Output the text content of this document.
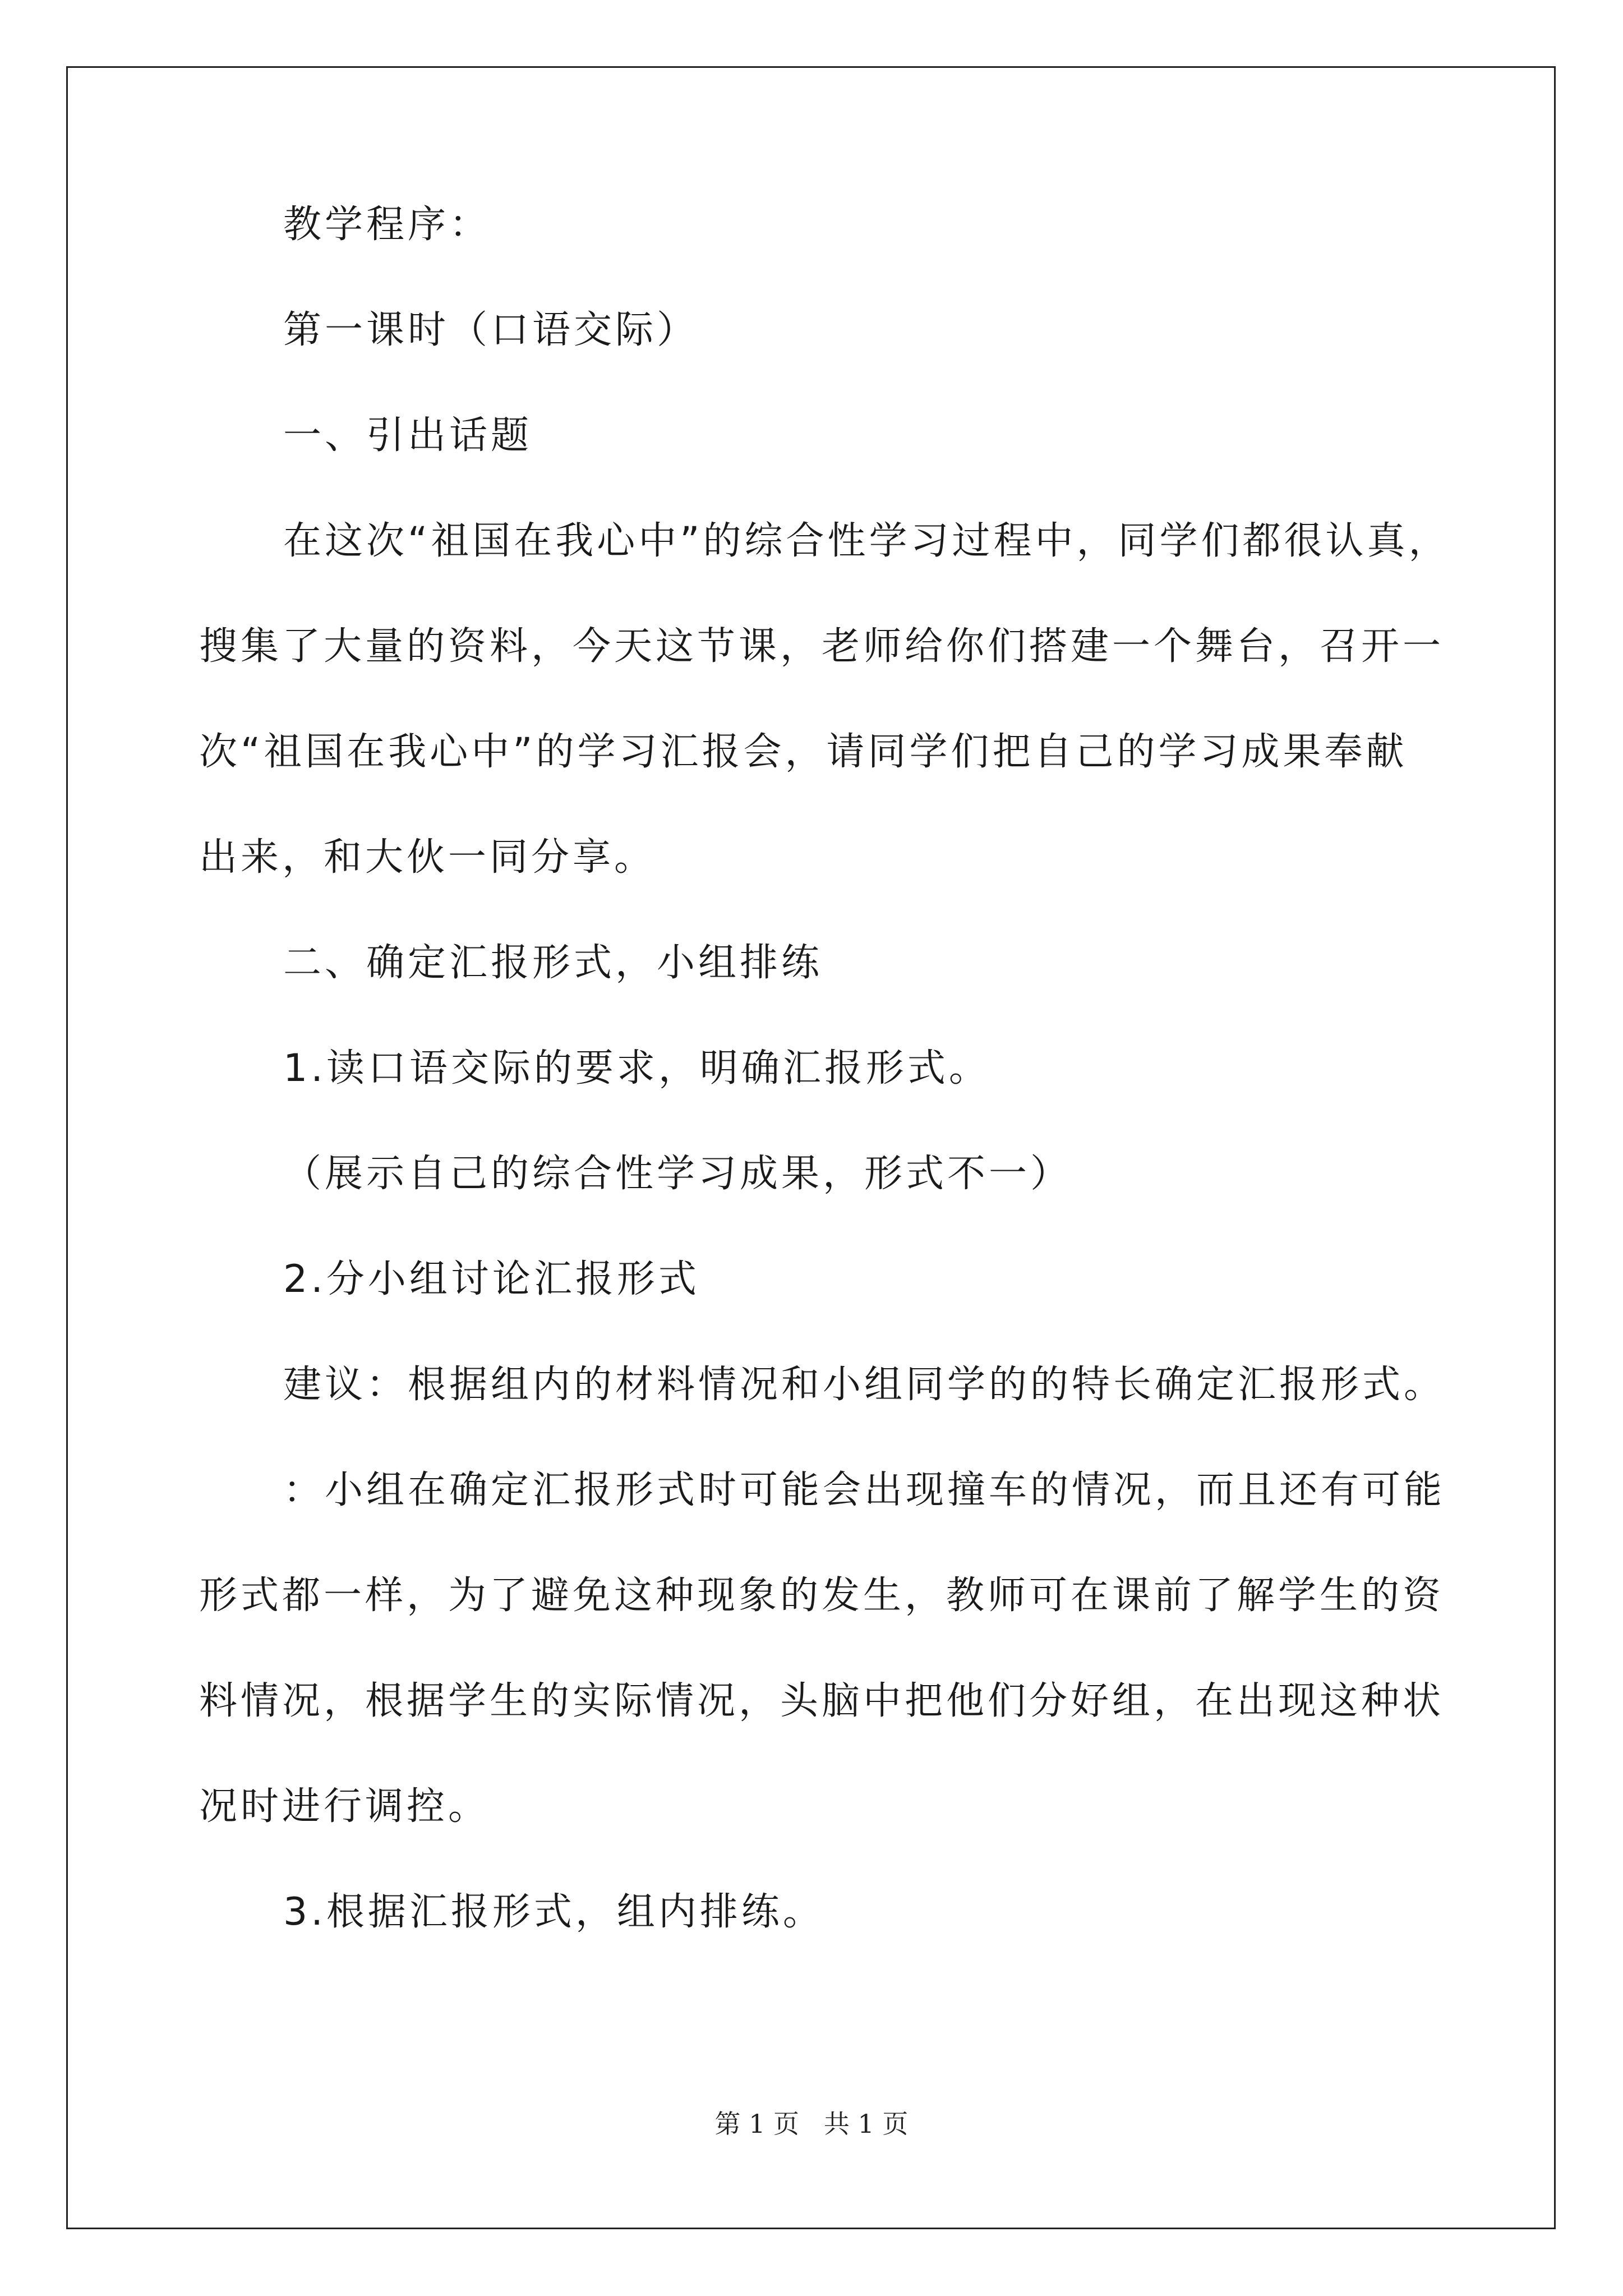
教学程序：

第一课时（口语交际）

一、引出话题

在这次“祖国在我心中”的综合性学习过程中，同学们都很认真，

搜集了大量的资料，今天这节课，老师给你们搭建一个舞台，召开一

次“祖国在我心中”的学习汇报会，请同学们把自己的学习成果奉献

出来，和大伙一同分享。

二、确定汇报形式，小组排练

1.读口语交际的要求，明确汇报形式。

（展示自己的综合性学习成果，形式不一）

2.分小组讨论汇报形式

建议：根据组内的材料情况和小组同学的的特长确定汇报形式。

：小组在确定汇报形式时可能会出现撞车的情况，而且还有可能

形式都一样，为了避免这种现象的发生，教师可在课前了解学生的资

料情况，根据学生的实际情况，头脑中把他们分好组，在出现这种状

况时进行调控。

3.根据汇报形式，组内排练。

第 1 页   共 1 页
